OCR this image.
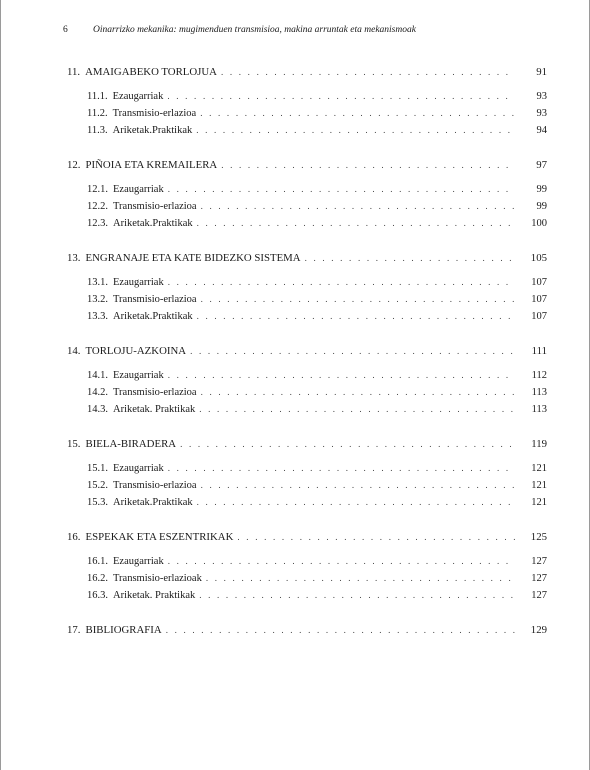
6	Oinarrizko mekanika: mugimenduen transmisioa, makina arruntak eta mekanismoak
11. AMAIGABEKO TORLOJUA . . .	91
11.1. Ezaugarriak . . .	93
11.2. Transmisio-erlazioa . . .	93
11.3. Ariketak.Praktikak . . .	94
12. PIÑOIA ETA KREMAILERA . . .	97
12.1. Ezaugarriak . . .	99
12.2. Transmisio-erlazioa . . .	99
12.3. Ariketak.Praktikak . . .	100
13. ENGRANAJE ETA KATE BIDEZKO SISTEMA . . .	105
13.1. Ezaugarriak . . .	107
13.2. Transmisio-erlazioa . . .	107
13.3. Ariketak.Praktikak . . .	107
14. TORLOJU-AZKOINA . . .	111
14.1. Ezaugarriak . . .	112
14.2. Transmisio-erlazioa . . .	113
14.3. Ariketak. Praktikak . . .	113
15. BIELA-BIRADERA . . .	119
15.1. Ezaugarriak . . .	121
15.2. Transmisio-erlazioa . . .	121
15.3. Ariketak.Praktikak . . .	121
16. ESPEKAK ETA ESZENTRIKAK . . .	125
16.1. Ezaugarriak . . .	127
16.2. Transmisio-erlazioak . . .	127
16.3. Ariketak. Praktikak . . .	127
17. BIBLIOGRAFIA . . .	129
